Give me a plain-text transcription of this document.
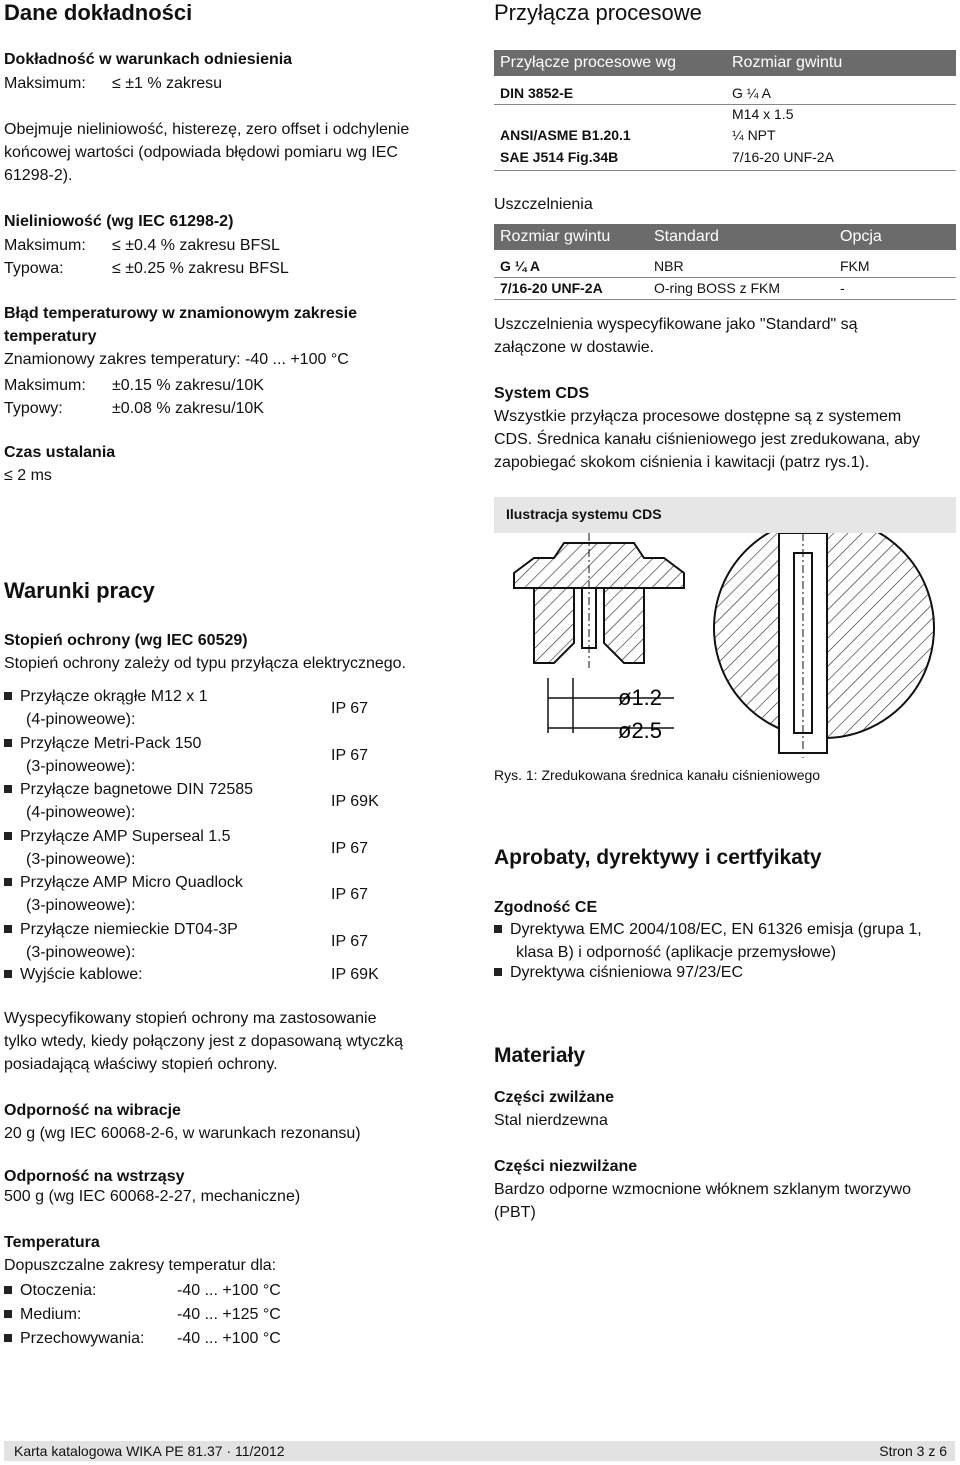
Dane dokładności
Dokładność w warunkach odniesienia
Maksimum: ≤ ±1 % zakresu
Obejmuje nieliniowość, histerezę, zero offset i odchylenie
końcowej wartości (odpowiada błędowi pomiaru wg IEC
61298-2).
Nieliniowość (wg IEC 61298-2)
Maksimum: ≤ ±0.4 % zakresu BFSL
Typowa:	≤ ±0.25 % zakresu BFSL
Błąd temperaturowy w znamionowym zakresie
temperatury
Znamionowy zakres temperatury: -40 ... +100 °C
Maksimum: ±0.15 % zakresu/10K
Typowy:	±0.08 % zakresu/10K
Czas ustalania
≤ 2 ms
Warunki pracy
Stopień ochrony (wg IEC 60529)
Stopień ochrony zależy od typu przyłącza elektrycznego.
Przyłącze okrągłe M12 x 1
(4-pinoweowe):
IP 67
Przyłącze Metri-Pack 150
(3-pinoweowe):
IP 67
Przyłącze bagnetowe DIN 72585
(4-pinoweowe):
IP 69K
Przyłącze AMP Superseal 1.5
(3-pinoweowe):
IP 67
Przyłącze AMP Micro Quadlock
(3-pinoweowe):
IP 67
Przyłącze niemieckie DT04-3P
(3-pinoweowe):
IP 67
Wyjście kablowe:	IP 69K
Wyspecyfikowany stopień ochrony ma zastosowanie
tylko wtedy, kiedy połączony jest z dopasowaną wtyczką
posiadającą właściwy stopień ochrony.
Odporność na wibracje
20 g (wg IEC 60068-2-6, w warunkach rezonansu)
Odporność na wstrząsy
500 g (wg IEC 60068-2-27, mechaniczne)
Temperatura
Dopuszczalne zakresy temperatur dla:
Otoczenia:	-40 ... +100 °C
Medium:	-40 ... +125 °C
Przechowywania: -40 ... +100 °C
Przyłącza procesowe
Przyłącze procesowe wg	Rozmiar gwintu
DIN 3852-E	G ¼ A
M14 x 1.5
ANSI/ASME B1.20.1	¼ NPT
SAE J514 Fig.34B	7/16-20 UNF-2A
Uszczelnienia
Rozmiar gwintu	Standard	Opcja
G ¼ A	NBR	FKM
7/16-20 UNF-2A	O-ring BOSS z FKM	-
Uszczelnienia wyspecyfikowane jako "Standard" są
załączone w dostawie.
System CDS
Wszystkie przyłącza procesowe dostępne są z systemem
CDS. Średnica kanału ciśnieniowego jest zredukowana, aby
zapobiegać skokom ciśnienia i kawitacji (patrz rys.1).
Ilustracja systemu CDS
ø1.2
ø2.5
Rys. 1: Zredukowana średnica kanału ciśnieniowego
Aprobaty, dyrektywy i certfyikaty
Zgodność CE
Dyrektywa EMC 2004/108/EC, EN 61326 emisja (grupa 1,
klasa B) i odporność (aplikacje przemysłowe)
Dyrektywa ciśnieniowa 97/23/EC
Materiały
Części zwilżane
Stal nierdzewna
Części niezwilżane
Bardzo odporne wzmocnione włóknem szklanym tworzywo
(PBT)
Karta katalogowa WIKA PE 81.37 · 11/2012	Stron 3 z 6
